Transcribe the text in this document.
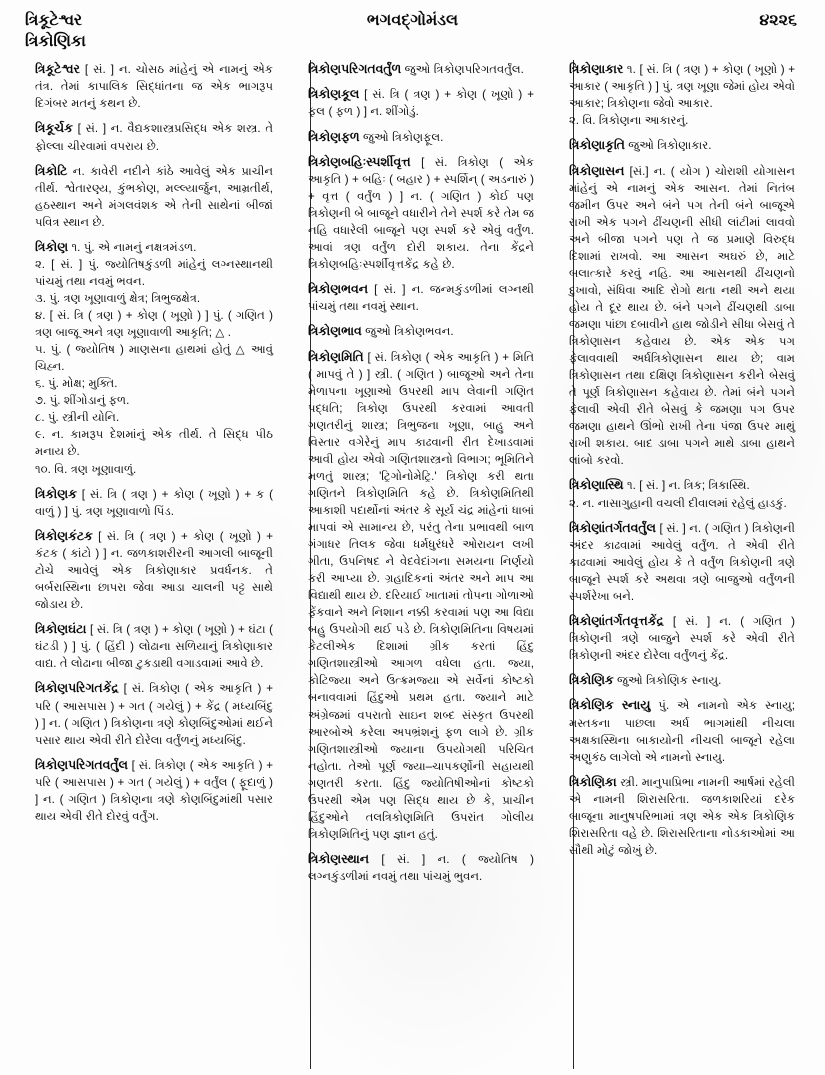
ત્રિકૂટેશ્વર
ત્રિકોણિકા
ભગવદ્ગોમંડલ	૪૨૨૬

ત્રિકૂટેશ્વર [ સં. ] ન. ચોસઠ માંહેનું એ નામનું એક તંત્ર. તેમાં કાપાલિક સિદ્ધાંતના જ એક ભાગરૂપ દિગંબર મતનું કથન છે.

ત્રિકૂર્ચક [ સં. ] ન. વૈદ્યકશાસ્ત્રપ્રસિદ્ધ એક શસ્ત્ર. તે ફોલ્લા ચીરવામાં વપરાય છે.

ત્રિકોટિ ન. કાવેરી નદીને કાંઠે આવેલું એક પ્રાચીન તીર્થ. શ્વેતારણ્ય, કુંભકોણ, મલ્લ્યાર્જુન, આમ્રતીર્થ, હઠસ્થાન અને મંગલવંશક એ તેની સાથેનાં બીજાં પવિત્ર સ્થાન છે.

ત્રિકોણ ૧. પું. એ નામનું નક્ષત્રમંડળ.

૨. [ સં. ] પું. જ્યોતિષકુંડળી માંહેનું લગ્નસ્થાનથી પાંચમું તથા નવમું ભવન.

૩. પું. ત્રણ ખૂણાવાળું ક્ષેત્ર; ત્રિભુજક્ષેત્ર.

૪. [ સં. ત્રિ ( ત્રણ ) + કોણ ( ખૂણો ) ] પું. ( ગણિત ) ત્રણ બાજૂ અને ત્રણ ખૂણાવાળી આકૃતિ; △ .

૫. પું. ( જ્યોતિષ ) માણસના હાથમાં હોતું △ આવું ચિહ્ન.

૬. પું. મોક્ષ; મુક્તિ.

૭. પું. શીંગોડાનું ફળ.

૮. પું. સ્ત્રીની યોનિ.

૯. ન. કામરૂપ દેશમાંનું એક તીર્થ. તે સિદ્ધ પીઠ મનાય છે.

૧૦. વિ. ત્રણ ખૂણાવાળું.

ત્રિકોણક [ સં. ત્રિ ( ત્રણ ) + કોણ ( ખૂણો ) + ક ( વાળું ) ] પું. ત્રણ ખૂણાવાળો પિંડ.

ત્રિકોણકંટક [ સં. ત્રિ ( ત્રણ ) + કોણ ( ખૂણો ) + કંટક ( કાંટો ) ] ન. જળકાશરીરની આગલી બાજૂની ટોચે આવેલું એક ત્રિકોણાકાર પ્રવર્ધનક. તે બર્બરાસ્થિના છાપરા જેવા આડા ચાલની પટ્ટ સાથે જોડાય છે.

ત્રિકોણઘંટા [ સં. ત્રિ ( ત્રણ ) + કોણ ( ખૂણો ) + ઘંટા ( ઘંટડી ) ] પું. ( હિંદી ) લોઢાના સળિયાનું ત્રિકોણાકાર વાદ્ય. તે લોઢાના બીજા ટુકડાથી વગાડવામાં આવે છે.

ત્રિકોણપરિગતકેંદ્ર [ સં. ત્રિકોણ ( એક આકૃતિ ) + પરિ ( આસપાસ ) + ગત ( ગયેલું ) + કેંદ્ર ( મધ્યબિંદુ ) ] ન. ( ગણિત ) ત્રિકોણના ત્રણે કોણબિંદુઓમાં થઈને પસાર થાય એવી રીતે દોરેલા વર્તુંળનું મધ્યબિંદુ.

ત્રિકોણપરિગતવર્તુંલ [ સં. ત્રિકોણ ( એક આકૃતિ ) + પરિ ( આસપાસ ) + ગત ( ગયેલું ) + વર્તુંલ ( ફૂદાળું ) ] ન. ( ગણિત ) ત્રિકોણના ત્રણે કોણબિંદુમાંથી પસાર થાય એવી રીતે દોરવું વર્તુંગ.

ત્રિકોણપરિગતવર્તુંળ જુઓ ત્રિકોણપરિગતવર્તુંલ.

ત્રિકોણકૂલ [ સં. ત્રિ ( ત્રણ ) + કોણ ( ખૂણો ) + ફલ ( ફળ ) ] ન. શીંગોડું.

ત્રિકોણફળ જુઓ ત્રિકોણફૂલ.

ત્રિકોણબહિઃસ્પર્શીવૃત્ત [ સં. ત્રિકોણ ( એક આકૃતિ ) + બહિઃ ( બહાર ) + સ્પર્શિન્ ( અડનારું ) + વૃત્ત ( વર્તુંળ ) ] ન. ( ગણિત ) કોઈ પણ ત્રિકોણની બે બાજૂને વધારીને તેને સ્પર્શ કરે તેમ જ નહિ વધારેલી બાજૂને પણ સ્પર્શ કરે એવું વર્તુંળ. આવાં ત્રણ વર્તુંળ દોરી શકાય. તેના કેંદ્રને ત્રિકોણબહિઃસ્પર્શીવૃત્તકેંદ્ર કહે છે.

ત્રિકોણભવન [ સં. ] ન. જન્મકુંડળીમાં લગ્નથી પાંચમું તથા નવમું સ્થાન.

ત્રિકોણભાવ જુઓ ત્રિકોણભવન.

ત્રિકોણમિતિ [ સં. ત્રિકોણ ( એક આકૃતિ ) + મિતિ ( માપવું તે ) ] સ્ત્રી. ( ગણિત ) બાજૂઓ અને તેના મેળાપના ખૂણાઓ ઉપરથી માપ લેવાની ગણિત પદ્ધતિ; ત્રિકોણ ઉપરથી કરવામાં આવતી ગણતરીનું શાસ્ત્ર; ત્રિભુજના ખૂણા, બાહુ અને વિસ્તાર વગેરેનું માપ કાઢવાની રીત દેખાડવામાં આવી હોય એવો ગણિતશાસ્ત્રનો વિભાગ; ભૂમિતિને મળતું શાસ્ત્ર; 'ટ્રિગોનોમેટ્રિ.' ત્રિકોણ કરી થતા ગણિતને ત્રિકોણમિતિ કહે છે. ત્રિકોણમિતિથી આકાશી પદાર્થોનાં અંતર કે સૂર્ય ચંદ્ર માંહેનાં ધાબાં માપવાં એ સામાન્ય છે, પરંતુ તેના પ્રભાવથી બાળ ગંગાધર તિલક જેવા ધર્મધુરંધરે ઓરાયન લખી ગીતા, ઉપનિષદ ને વેદવેદાંગના સમયના નિર્ણયો કરી આપ્યા છે. ગ્રહાદિકનાં અંતર અને માપ આ વિદ્યાથી થાય છે. દરિયાઈ ખાતામાં તોપના ગોળાઓ ફેંકવાને અને નિશાન નક્કી કરવામાં પણ આ વિદ્યા બહુ ઉપયોગી થઈ પડે છે. ત્રિકોણમિતિના વિષયમાં કેટલીએક દિશામાં ગ્રીક કરતાં હિંદુ ગણિતશાસ્ત્રીઓ આગળ વધેલા હતા. જ્યા, કોટિજ્યા અને ઉત્ક્રમજ્યા એ સર્વેનાં કોષ્ટકો બનાવવામાં હિંદુઓ પ્રથમ હતા. જ્યાને માટે અંગ્રેજમાં વપરાતો સાઇન શબ્દ સંસ્કૃત ઉપરથી આરબોએ કરેલા અપભ્રંશનું ફળ લાગે છે. ગ્રીક ગણિતશાસ્ત્રીઓ જ્યાના ઉપયોગથી પરિચિત નહોતા. તેઓ પૂર્ણ જ્યા–ચાપકર્ણોની સહાયથી ગણતરી કરતા. હિંદુ જ્યોતિષીઓનાં કોષ્ટકો ઉપરથી એમ પણ સિદ્ધ થાય છે કે, પ્રાચીન હિંદુઓને તલત્રિકોણમિતિ ઉપરાંત ગોલીય ત્રિકોણમિતિનું પણ જ્ઞાન હતું.

ત્રિકોણસ્થાન [ સં. ] ન. ( જ્યોતિષ ) લગ્નકુંડળીમાં નવમું તથા પાંચમું ભુવન.

ત્રિકોણાકાર ૧. [ સં. ત્રિ ( ત્રણ ) + કોણ ( ખૂણો ) + આકાર ( આકૃતિ ) ] પું. ત્રણ ખૂણા જેમાં હોય એવો આકાર; ત્રિકોણના જેવો આકાર.

૨. વિ. ત્રિકોણના આકારનું.

ત્રિકોણાકૃતિ જુઓ ત્રિકોણાકાર.

ત્રિકોણાસન [સં.] ન. ( યોગ ) ચોરાશી યોગાસન માંહેનું એ નામનું એક આસન. તેમાં નિતંબ જમીન ઉપર અને બંને પગ તેની બંને બાજૂએ રાખી એક પગને ઢીંચણની સીધી લાંટીમાં લાવવો અને બીજા પગને પણ તે જ પ્રમાણે વિરુદ્ધ દિશામાં રાખવો. આ આસન અઘરું છે, માટે બલાત્કારે કરવું નહિ. આ આસનથી ઢીંચણનો દુખાવો, સંધિવા આદિ રોગો થતા નથી અને થયા હોય તે દૂર થાય છે. બંને પગને ઢીંચણથી ડાબા જમણા પાંછા દબાવીને હાથ જોડીને સીધા બેસવું તે ત્રિકોણાસન કહેવાય છે. એક એક પગ ફેલાવવાથી અર્ધત્રિકોણાસન થાય છે; વામ ત્રિકોણાસન તથા દક્ષિણ ત્રિકોણાસન કરીને બેસવું તે પૂર્ણ ત્રિકોણાસન કહેવાય છે. તેમાં બંને પગને ફેલાવી એવી રીતે બેસવું કે જમણા પગ ઉપર જમણા હાથને ઊંભો રાખી તેના પંજા ઉપર માથું રાખી શકાય. બાદ ડાબા પગને માથે ડાબા હાથને લાંબો કરવો.

ત્રિકોણાસ્થિ ૧. [ સં. ] ન. ત્રિક; ત્રિકાસ્થિ.

૨. ન. નાસાગુહાની વચલી દીવાલમાં રહેલું હાડકું.

ત્રિકોણાંતર્ગતવર્તુંલ [ સં. ] ન. ( ગણિત ) ત્રિકોણની અંદર કાઢવામાં આવેલું વર્તુંળ. તે એવી રીતે કાઢવામાં આવેલું હોય કે તે વર્તુંળ ત્રિકોણની ત્રણે બાજૂને સ્પર્શ કરે અથવા ત્રણે બાજુઓ વર્તુંળની સ્પર્શરેખા બને.

ત્રિકોણાંતર્ગતવૃત્તકેંદ્ર [ સં. ] ન. ( ગણિત ) ત્રિકોણની ત્રણે બાજુને સ્પર્શ કરે એવી રીતે ત્રિકોણની અંદર દોરેલા વર્તુંળનું કેંદ્ર.

ત્રિકોણિક જુઓ ત્રિકોણિક સ્નાયુ.

ત્રિકોણિક સ્નાયુ પું. એ નામનો એક સ્નાયુ; મસ્તકના પાછલા અર્ધ ભાગમાંથી નીચલા અક્ષકાસ્થિના બાકાયોની નીચલી બાજૂને રહેલા અણુકંઠ લાગેલો એ નામનો સ્નાયુ.

ત્રિકોણિકા સ્ત્રી. માનુપાપ્રિભા નામની આર્ષમાં રહેલી એ નામની શિરાસરિતા. જળકાશરિયાં દરેક બાજૂના માનુષપરિભામાં ત્રણ એક એક ત્રિકોણિક શિરાસરિતા વહે છે. શિરાસરિતાના નોડકાઓમાં આ સૌથી મોટું જોખું છે.
